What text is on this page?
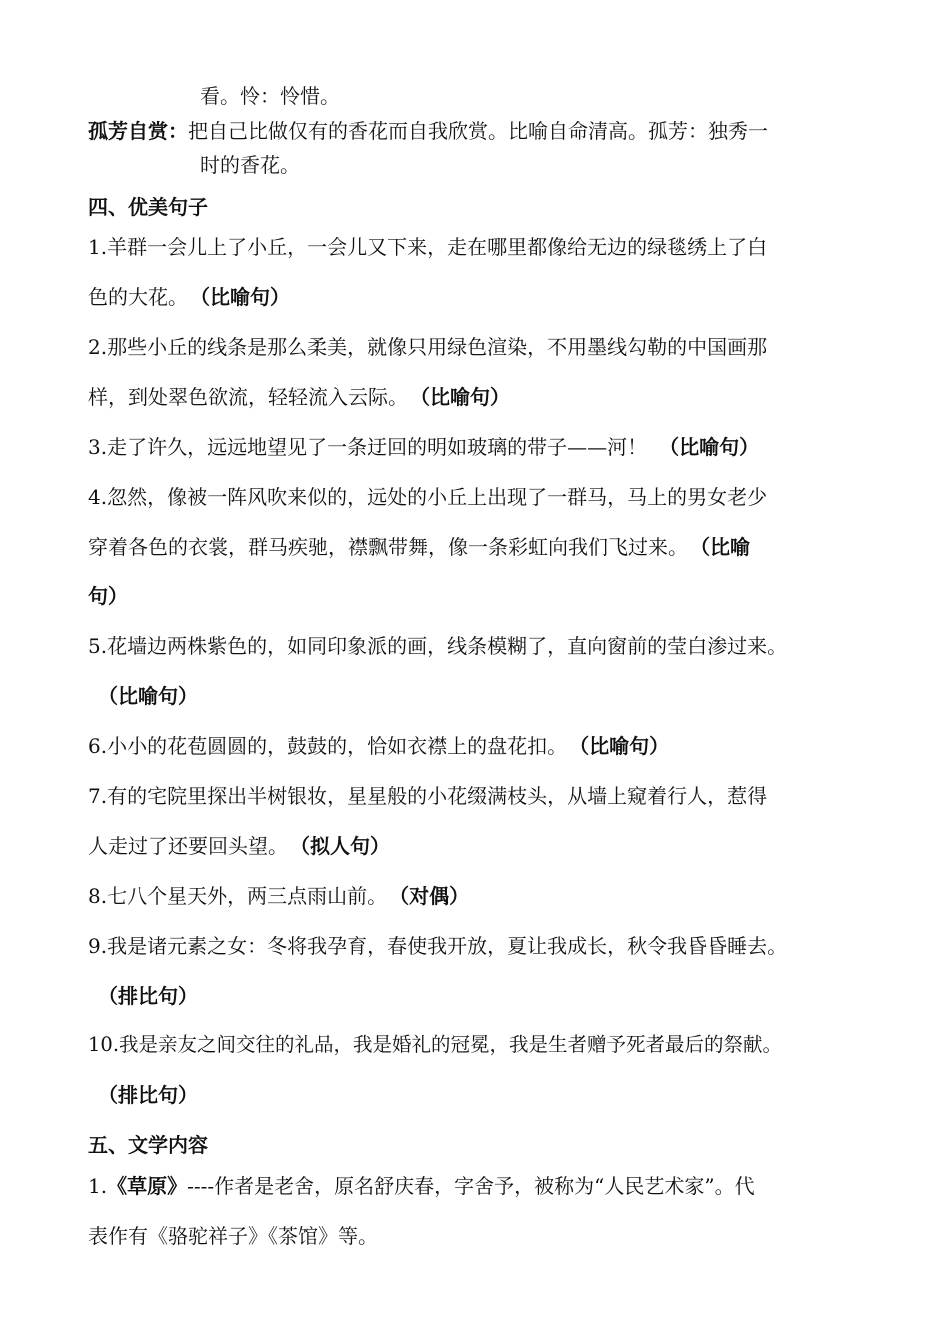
看。怜：怜惜。
孤芳自赏：把自己比做仅有的香花而自我欣赏。比喻自命清高。孤芳：独秀一
时的香花。
四、优美句子
1.羊群一会儿上了小丘，一会儿又下来，走在哪里都像给无边的绿毯绣上了白
色的大花。 （比喻句）
2.那些小丘的线条是那么柔美，就像只用绿色渲染，不用墨线勾勒的中国画那
样，到处翠色欲流，轻轻流入云际。 （比喻句）
3.走了许久，远远地望见了一条迂回的明如玻璃的带子——河！ （比喻句）
4.忽然，像被一阵风吹来似的，远处的小丘上出现了一群马，马上的男女老少
穿着各色的衣裳，群马疾驰，襟飘带舞，像一条彩虹向我们飞过来。 （比喻
句）
5.花墙边两株紫色的，如同印象派的画，线条模糊了，直向窗前的莹白渗过来。
（比喻句）
6.小小的花苞圆圆的，鼓鼓的，恰如衣襟上的盘花扣。 （比喻句）
7.有的宅院里探出半树银妆，星星般的小花缀满枝头，从墙上窥着行人，惹得
人走过了还要回头望。 （拟人句）
8.七八个星天外，两三点雨山前。 （对偶）
9.我是诸元素之女：冬将我孕育，春使我开放，夏让我成长，秋令我昏昏睡去。
（排比句）
10.我是亲友之间交往的礼品，我是婚礼的冠冕，我是生者赠予死者最后的祭献。
（排比句）
五、文学内容
1.《草原》----作者是老舍，原名舒庆春，字舍予，被称为“人民艺术家”。代
表作有《骆驼祥子》《茶馆》等。
